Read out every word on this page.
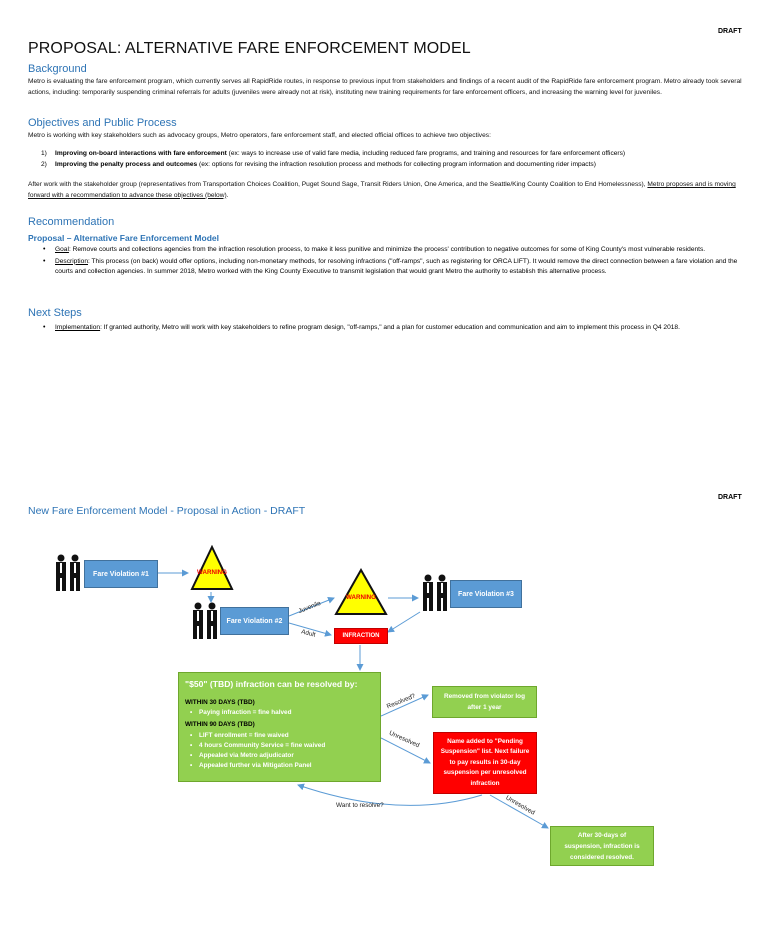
DRAFT
PROPOSAL: ALTERNATIVE FARE ENFORCEMENT MODEL
Background
Metro is evaluating the fare enforcement program, which currently serves all RapidRide routes, in response to previous input from stakeholders and findings of a recent audit of the RapidRide fare enforcement program. Metro already took several actions, including: temporarily suspending criminal referrals for adults (juveniles were already not at risk), instituting new training requirements for fare enforcement officers, and increasing the warning level for juveniles.
Objectives and Public Process
Metro is working with key stakeholders such as advocacy groups, Metro operators, fare enforcement staff, and elected official offices to achieve two objectives:
1) Improving on-board interactions with fare enforcement (ex: ways to increase use of valid fare media, including reduced fare programs, and training and resources for fare enforcement officers)
2) Improving the penalty process and outcomes (ex: options for revising the infraction resolution process and methods for collecting program information and documenting rider impacts)
After work with the stakeholder group (representatives from Transportation Choices Coalition, Puget Sound Sage, Transit Riders Union, One America, and the Seattle/King County Coalition to End Homelessness), Metro proposes and is moving forward with a recommendation to advance these objectives (below).
Recommendation
Proposal – Alternative Fare Enforcement Model
• Goal: Remove courts and collections agencies from the infraction resolution process, to make it less punitive and minimize the process' contribution to negative outcomes for some of King County's most vulnerable residents.
• Description: This process (on back) would offer options, including non-monetary methods, for resolving infractions ("off-ramps", such as registering for ORCA LIFT). It would remove the direct connection between a fare violation and the courts and collection agencies. In summer 2018, Metro worked with the King County Executive to transmit legislation that would grant Metro the authority to establish this alternative process.
Next Steps
• Implementation: If granted authority, Metro will work with key stakeholders to refine program design, "off-ramps," and a plan for customer education and communication and aim to implement this process in Q4 2018.
DRAFT
New Fare Enforcement Model - Proposal in Action - DRAFT
Fare Violation #1
Fare Violation #2
Fare Violation #3
WARNING
WARNING
INFRACTION
Juvenile
Adult
Resolved?
Unresolved
Unresolved
Want to resolve?
"$50" (TBD) infraction can be resolved by:
WITHIN 30 DAYS (TBD)
• Paying infraction = fine halved
WITHIN 90 DAYS (TBD)
• LIFT enrollment = fine waived
• 4 hours Community Service = fine waived
• Appealed via Metro adjudicator
• Appealed further via Mitigation Panel
Removed from violator log after 1 year
Name added to "Pending Suspension" list. Next failure to pay results in 30-day suspension per unresolved infraction
After 30-days of suspension, infraction is considered resolved.
